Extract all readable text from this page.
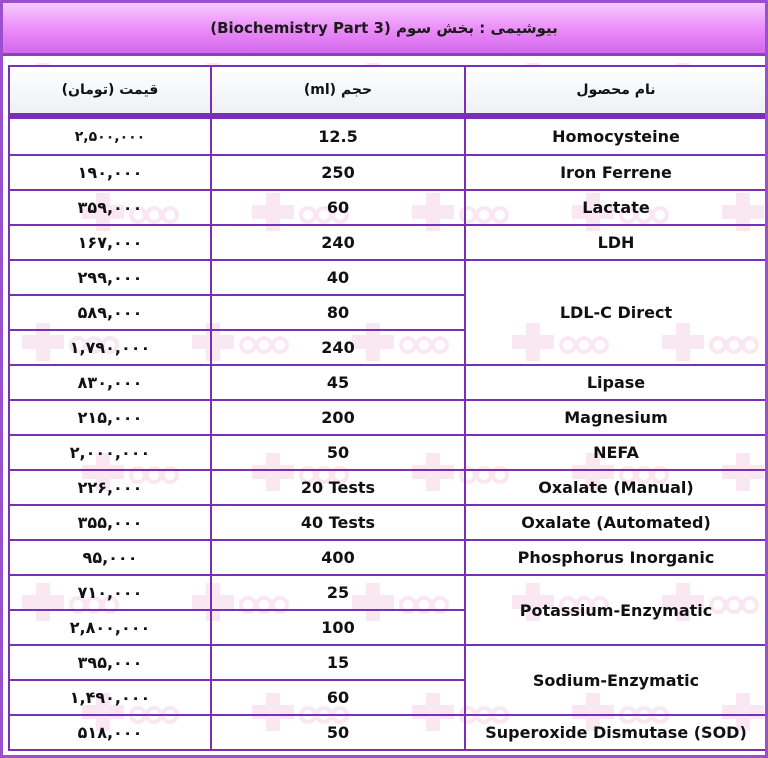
بیوشیمی : بخش سوم (Biochemistry Part 3)
قیمت (تومان)	حجم (ml)	نام محصول
۲,۵۰۰,۰۰۰	12.5	Homocysteine
۱۹۰,۰۰۰	250	Iron Ferrene
۳۵۹,۰۰۰	60	Lactate
۱۶۷,۰۰۰	240	LDH
۲۹۹,۰۰۰	40	LDL-C Direct
۵۸۹,۰۰۰	80	
۱,۷۹۰,۰۰۰	240	
۸۳۰,۰۰۰	45	Lipase
۲۱۵,۰۰۰	200	Magnesium
۲,۰۰۰,۰۰۰	50	NEFA
۲۲۶,۰۰۰	20 Tests	Oxalate (Manual)
۳۵۵,۰۰۰	40 Tests	Oxalate (Automated)
۹۵,۰۰۰	400	Phosphorus Inorganic
۷۱۰,۰۰۰	25	Potassium-Enzymatic
۲,۸۰۰,۰۰۰	100	
۳۹۵,۰۰۰	15	Sodium-Enzymatic
۱,۴۹۰,۰۰۰	60	
۵۱۸,۰۰۰	50	Superoxide Dismutase (SOD)
